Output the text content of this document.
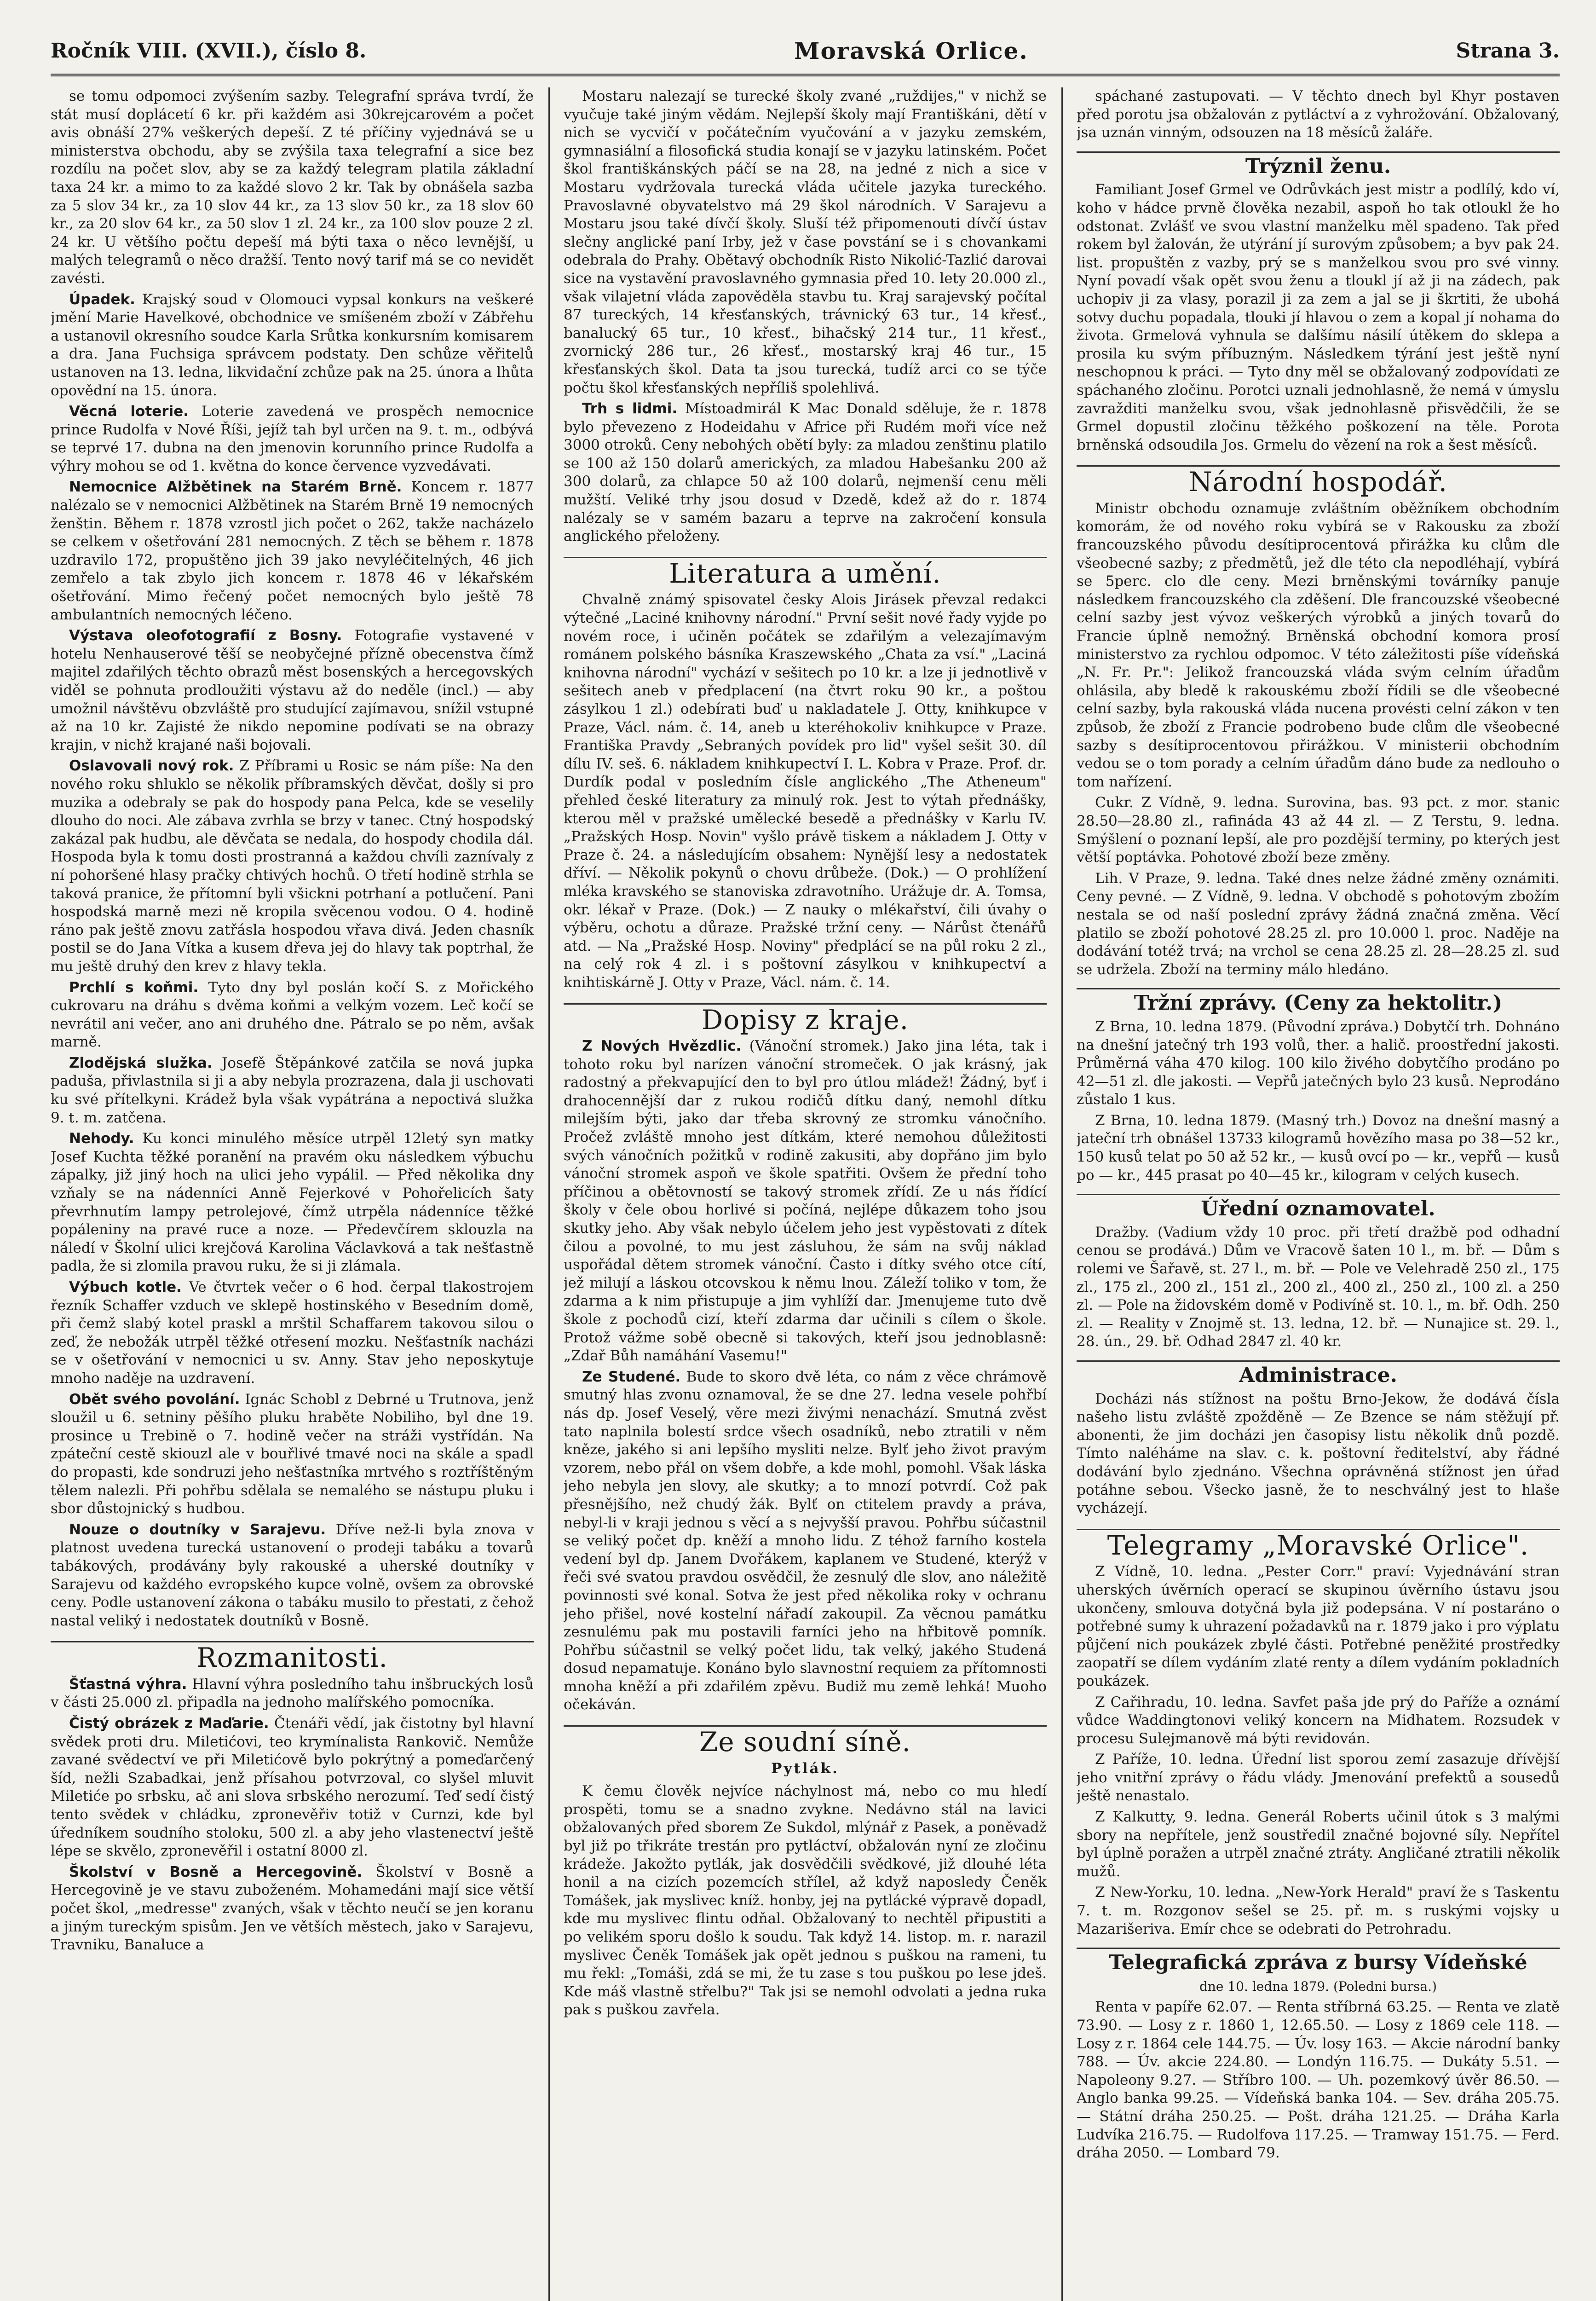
Ročník VIII. (XVII.), číslo 8.	Moravská Orlice.	Strana 3.

se tomu odpomoci zvýšením sazby. Telegrafní správa tvrdí, že stát musí doplácetí 6 kr. při každém asi 30krejcarovém a počet avis obnáší 27% veškerých depeší. Z té příčiny vyjednává se u ministerstva obchodu, aby se zvýšila taxa telegrafní a sice bez rozdílu na počet slov, aby se za každý telegram platila základní taxa 24 kr. a mimo to za každé slovo 2 kr. Tak by obnášela sazba za 5 slov 34 kr., za 10 slov 44 kr., za 13 slov 50 kr., za 18 slov 60 kr., za 20 slov 64 kr., za 50 slov 1 zl. 24 kr., za 100 slov pouze 2 zl. 24 kr. U většího počtu depeší má býti taxa o něco levnější, u malých telegramů o něco dražší. Tento nový tarif má se co nevidět zavésti.

Úpadek. Krajský soud v Olomouci vypsal konkurs na veškeré jmění Marie Havelkové, obchodnice ve smíšeném zboží v Zábřehu a ustanovil okresního soudce Karla Srůtka konkursním komisarem a dra. Jana Fuchsiga správcem podstaty. Den schůze věřitelů ustanoven na 13. ledna, likvidační zchůze pak na 25. února a lhůta opovědní na 15. února.

Věcná loterie. Loterie zavedená ve prospěch nemocnice prince Rudolfa v Nové Říši, jejíž tah byl určen na 9. t. m., odbývá se teprvé 17. dubna na den jmenovin korunního prince Rudolfa a výhry mohou se od 1. května do konce července vyzvedávati.

Nemocnice Alžbětinek na Starém Brně. Koncem r. 1877 nalézalo se v nemocnici Alžbětinek na Starém Brně 19 nemocných ženštin. Během r. 1878 vzrostl jich počet o 262, takže nacházelo se celkem v ošetřování 281 nemocných. Z těch se během r. 1878 uzdravilo 172, propuštěno jich 39 jako nevyléčitelných, 46 jich zemřelo a tak zbylo jich koncem r. 1878 46 v lékařském ošetřování. Mimo řečený počet nemocných bylo ještě 78 ambulantních nemocných léčeno.

Výstava oleofotografií z Bosny. Fotografie vystavené v hotelu Nenhauserové těší se neobyčejné přízně obecenstva čímž majitel zdařilých těchto obrazů měst bosenských a hercegovských viděl se pohnuta prodloužiti výstavu až do neděle (incl.) — aby umožnil návštěvu obzvláště pro studující zajímavou, snížil vstupné až na 10 kr. Zajisté že nikdo nepomine podívati se na obrazy krajin, v nichž krajané naši bojovali.

Oslavovali nový rok. Z Příbrami u Rosic se nám píše: Na den nového roku shluklo se několik příbramských děvčat, došly si pro muzika a odebraly se pak do hospody pana Pelca, kde se veselily dlouho do noci. Ale zábava zvrhla se brzy v tanec. Ctný hospodský zakázal pak hudbu, ale děvčata se nedala, do hospody chodila dál. Hospoda byla k tomu dosti prostranná a každou chvíli zaznívaly z ní pohoršené hlasy pračky chtivých hochů. O třetí hodině strhla se taková pranice, že přítomní byli všickni potrhaní a potlučení. Pani hospodská marně mezi ně kropila svěcenou vodou. O 4. hodině ráno pak ještě znovu zatřásla hospodou vřava divá. Jeden chasník postil se do Jana Vítka a kusem dřeva jej do hlavy tak poptrhal, že mu ještě druhý den krev z hlavy tekla.

Prchlí s koňmi. Tyto dny byl poslán kočí S. z Mořického cukrovaru na dráhu s dvěma koňmi a velkým vozem. Leč kočí se nevrátil ani večer, ano ani druhého dne. Pátralo se po něm, avšak marně.

Zlodějská služka. Josefě Štěpánkové zatčila se nová jupka paduša, přivlastnila si ji a aby nebyla prozrazena, dala ji uschovati ku své přítelkyni. Krádež byla však vypátrána a nepoctivá služka 9. t. m. zatčena.

Nehody. Ku konci minulého měsíce utrpěl 12letý syn matky Josef Kuchta těžké poranění na pravém oku následkem výbuchu zápalky, již jiný hoch na ulici jeho vypálil. — Před několika dny vzňaly se na nádenníci Anně Fejerkové v Pohořelicích šaty převrhnutím lampy petrolejové, čímž utrpěla nádenníce těžké popáleniny na pravé ruce a noze. — Předevčírem sklouzla na náledí v Školní ulici krejčová Karolina Václavková a tak nešťastně padla, že si zlomila pravou ruku, že si ji zlámala.

Výbuch kotle. Ve čtvrtek večer o 6 hod. čerpal tlakostrojem řezník Schaffer vzduch ve sklepě hostinského v Besedním domě, při čemž slabý kotel praskl a mrštil Schaffarem takovou silou o zeď, že nebožák utrpěl těžké otřesení mozku. Nešťastník nacházi se v ošetřování v nemocnici u sv. Anny. Stav jeho neposkytuje mnoho naděje na uzdravení.

Obět svého povolání. Ignác Schobl z Debrné u Trutnova, jenž sloužil u 6. setniny pěšího pluku hraběte Nobiliho, byl dne 19. prosince u Trebině o 7. hodině večer na stráži vystřídán. Na zpáteční cestě skiouzl ale v bouřlivé tmavé noci na skále a spadl do propasti, kde sondruzi jeho nešťastníka mrtvého s roztříštěným tělem nalezli. Při pohřbu sdělala se nemalého se nástupu pluku i sbor důstojnický s hudbou.

Nouze o doutníky v Sarajevu. Dříve než-li byla znova v platnost uvedena turecká ustanovení o prodeji tabáku a tovarů tabákových, prodávány byly rakouské a uherské doutníky v Sarajevu od každého evropského kupce volně, ovšem za obrovské ceny. Podle ustanovení zákona o tabáku musilo to přestati, z čehož nastal veliký i nedostatek doutníků v Bosně.

Rozmanitosti.

Šťastná výhra. Hlavní výhra posledního tahu inšbruckých losů v části 25.000 zl. připadla na jednoho malířského pomocníka.

Čistý obrázek z Maďarie. Čtenáři vědí, jak čistotny byl hlavní svědek proti dru. Miletićovi, teo krymínalista Rankovič. Nemůže zavané svědectví ve při Miletićově bylo pokrýtný a pomeďarčený šíd, nežli Szabadkai, jenž přísahou potvrzoval, co slyšel mluvit Miletiće po srbsku, ač ani slova srbského nerozumí. Teď sedí čistý tento svědek v chládku, zpronevěřiv totiž v Curnzi, kde byl úředníkem soudního stoloku, 500 zl. a aby jeho vlastenectví ještě lépe se skvělo, zpronevěřil i ostatní 8000 zl.

Školství v Bosně a Hercegovině. Školství v Bosně a Hercegovině je ve stavu zuboženém. Mohamedáni mají sice větší počet škol, „medresse" zvaných, však v těchto neučí se jen koranu a jiným tureckým spisům. Jen ve větších městech, jako v Sarajevu, Travniku, Banaluce a

Mostaru nalezají se turecké školy zvané „ruždijes," v nichž se vyučuje také jiným vědám. Nejlepší školy mají Františkáni, dětí v nich se vycvičí v počátečním vyučování a v jazyku zemském, gymnasiální a filosofická studia konají se v jazyku latinském. Počet škol františkánských páčí se na 28, na jedné z nich a sice v Mostaru vydržovala turecká vláda učitele jazyka tureckého. Pravoslavné obyvatelstvo má 29 škol národních. V Sarajevu a Mostaru jsou také dívčí školy. Sluší též připomenouti dívčí ústav slečny anglické paní Irby, jež v čase povstání se i s chovankami odebrala do Prahy. Obětavý obchodník Risto Nikolić-Tazlić darovai sice na vystavění pravoslavného gymnasia před 10. lety 20.000 zl., však vilajetní vláda zapověděla stavbu tu. Kraj sarajevský počítal 87 tureckých, 14 křesťanských, trávnický 63 tur., 14 křesť., banalucký 65 tur., 10 křesť., bihačský 214 tur., 11 křesť., zvornický 286 tur., 26 křesť., mostarský kraj 46 tur., 15 křesťanských škol. Data ta jsou turecká, tudíž arci co se týče počtu škol křesťanských nepříliš spolehlivá.

Trh s lidmi. Místoadmirál K Mac Donald sděluje, že r. 1878 bylo převezeno z Hodeidahu v Africe při Rudém moři více než 3000 otroků. Ceny nebohých obětí byly: za mladou zenštinu platilo se 100 až 150 dolarů amerických, za mladou Habešanku 200 až 300 dolarů, za chlapce 50 až 100 dolarů, nejmenší cenu měli mužští. Veliké trhy jsou dosud v Dzedě, kdež až do r. 1874 nalézaly se v samém bazaru a teprve na zakročení konsula anglického přeloženy.

Literatura a umění.

Chvalně známý spisovatel česky Alois Jirásek převzal redakci výtečné „Laciné knihovny národní." První sešit nové řady vyjde po novém roce, i učiněn počátek se zdařilým a velezajímavým románem polského básníka Kraszewského „Chata za vsí." „Laciná knihovna národní" vychází v sešitech po 10 kr. a lze ji jednotlivě v sešitech aneb v předplacení (na čtvrt roku 90 kr., a poštou zásylkou 1 zl.) odebírati buď u nakladatele J. Otty, knihkupce v Praze, Václ. nám. č. 14, aneb u kteréhokoliv knihkupce v Praze. Františka Pravdy „Sebraných povídek pro lid" vyšel sešit 30. díl dílu IV. seš. 6. nákladem knihkupectví I. L. Kobra v Praze. Prof. dr. Durdík podal v posledním čísle anglického „The Atheneum" přehled české literatury za minulý rok. Jest to výtah přednášky, kterou měl v pražské umělecké besedě a přednášky v Karlu IV. „Pražských Hosp. Novin" vyšlo právě tiskem a nákladem J. Otty v Praze č. 24. a následujícím obsahem: Nynější lesy a nedostatek dříví. — Několik pokynů o chovu drůbeže. (Dok.) — O prohlížení mléka kravského se stanoviska zdravotního. Urážuje dr. A. Tomsa, okr. lékař v Praze. (Dok.) — Z nauky o mlékařství, čili úvahy o výběru, ochotu a důraze. Pražské tržní ceny. — Nárůst čtenářů atd. — Na „Pražské Hosp. Noviny" předplácí se na půl roku 2 zl., na celý rok 4 zl. i s poštovní zásylkou v knihkupectví a knihtiskárně J. Otty v Praze, Václ. nám. č. 14.

Dopisy z kraje.

Z Nových Hvězdlic. (Vánoční stromek.) Jako jina léta, tak i tohoto roku byl narízen vánoční stromeček. O jak krásný, jak radostný a překvapující den to byl pro útlou mládež! Žádný, byť i drahocennější dar z rukou rodičů dítku daný, nemohl dítku milejším býti, jako dar třeba skrovný ze stromku vánočního. Pročež zvláště mnoho jest dítkám, které nemohou důležitosti svých vánočních požitků v rodině zakusiti, aby dopřáno jim bylo vánoční stromek aspoň ve škole spatřiti. Ovšem že přední toho příčinou a obětovností se takový stromek zřídí. Ze u nás řídící školy v čele obou horlivé si počíná, nejlépe důkazem toho jsou skutky jeho. Aby však nebylo účelem jeho jest vypěstovati z dítek čilou a povolné, to mu jest zásluhou, že sám na svůj náklad uspořádal dětem stromek vánoční. Často i dítky svého otce cítí, jež milují a láskou otcovskou k němu lnou. Záleží toliko v tom, že zdarma a k nim přistupuje a jim vyhlíží dar. Jmenujeme tuto dvě škole z pochodů cizí, kteří zdarma dar učinili s cílem o škole. Protož vážme sobě obecně si takových, kteří jsou jednoblasně: „Zdař Bůh namáhání Vasemu!"

Ze Studené. Bude to skoro dvě léta, co nám z věce chrámově smutný hlas zvonu oznamoval, že se dne 27. ledna vesele pohřbí nás dp. Josef Veselý, věre mezi živými nenachází. Smutná zvěst tato naplnila bolestí srdce všech osadníků, nebo ztratili v něm kněze, jakého si ani lepšího mysliti nelze. Bylť jeho život pravým vzorem, nebo přál on všem dobře, a kde mohl, pomohl. Však láska jeho nebyla jen slovy, ale skutky; a to mnozí potvrdí. Což pak přesnějšího, než chudý žák. Bylť on ctitelem pravdy a práva, nebyl-li v kraji jednou s věcí a s nejvyšší pravou. Pohřbu súčastnil se veliký počet dp. kněží a mnoho lidu. Z téhož farního kostela vedení byl dp. Janem Dvořákem, kaplanem ve Studené, kterýž v řeči své svatou pravdou osvědčil, že zesnulý dle slov, ano náležitě povinnosti své konal. Sotva že jest před několika roky v ochranu jeho přišel, nové kostelní nářadí zakoupil. Za věcnou památku zesnulému pak mu postavili farníci jeho na hřbitově pomník. Pohřbu súčastnil se velký počet lidu, tak velký, jakého Studená dosud nepamatuje. Konáno bylo slavnostní requiem za přítomnosti mnoha kněží a při zdařilém zpěvu. Budiž mu země lehká! Muoho očekáván.

Ze soudní síně.
Pytlák.

K čemu člověk nejvíce náchylnost má, nebo co mu hledí prospěti, tomu se a snadno zvykne. Nedávno stál na lavici obžalovaných před sborem Ze Sukdol, mlýnář z Pasek, a poněvadž byl již po třikráte trestán pro pytláctví, obžalován nyní ze zločinu krádeže. Jakožto pytlák, jak dosvědčili svědkové, již dlouhé léta honil a na cizích pozemcích střílel, až když naposledy Čeněk Tomášek, jak myslivec kníž. honby, jej na pytlácké výpravě dopadl, kde mu myslivec flintu odňal. Obžalovaný to nechtěl připustiti a po velikém sporu došlo k soudu. Tak když 14. listop. m. r. narazil myslivec Čeněk Tomášek jak opět jednou s puškou na rameni, tu mu řekl: „Tomáši, zdá se mi, že tu zase s tou puškou po lese jdeš. Kde máš vlastně střelbu?" Tak jsi se nemohl odvolati a jedna ruka pak s puškou zavřela.

spáchané zastupovati. — V těchto dnech byl Khyr postaven před porotu jsa obžalován z pytláctví a z vyhrožování. Obžalovaný, jsa uznán vinným, odsouzen na 18 měsíců žaláře.

Trýznil ženu.

Familiant Josef Grmel ve Odrůvkách jest mistr a podlílý, kdo ví, koho v hádce prvně člověka nezabil, aspoň ho tak otloukl že ho odstonat. Zvlášť ve svou vlastní manželku měl spadeno. Tak před rokem byl žalován, že utýrání jí surovým způsobem; a byv pak 24. list. propuštěn z vazby, prý se s manželkou svou pro své vinny. Nyní povadí však opět svou ženu a tloukl jí až ji na zádech, pak uchopiv ji za vlasy, porazil ji za zem a jal se ji škrtiti, že ubohá sotvy duchu popadala, tlouki jí hlavou o zem a kopal jí nohama do života. Grmelová vyhnula se dalšímu násilí útěkem do sklepa a prosila ku svým příbuzným. Následkem týrání jest ještě nyní neschopnou k práci. — Tyto dny měl se obžalovaný zodpovídati ze spáchaného zločinu. Porotci uznali jednohlasně, že nemá v úmyslu zavražditi manželku svou, však jednohlasně přisvědčili, že se Grmel dopustil zločinu těžkého poškození na těle. Porota brněnská odsoudila Jos. Grmelu do vězení na rok a šest měsíců.

Národní hospodář.

Ministr obchodu oznamuje zvláštním oběžníkem obchodním komorám, že od nového roku vybírá se v Rakousku za zboží francouzského původu desítiprocentová přirážka ku clům dle všeobecné sazby; z předmětů, jež dle této cla nepodléhají, vybírá se 5perc. clo dle ceny. Mezi brněnskými továrníky panuje následkem francouzského cla zděšení. Dle francouzské všeobecné celní sazby jest vývoz veškerých výrobků a jiných tovarů do Francie úplně nemožný. Brněnská obchodní komora prosí ministerstvo za rychlou odpomoc. V této záležitosti píše vídeňská „N. Fr. Pr.": Jelikož francouzská vláda svým celním úřadům ohlásila, aby bledě k rakouskému zboží řídili se dle všeobecné celní sazby, byla rakouská vláda nucena provésti celní zákon v ten způsob, že zboží z Francie podrobeno bude clům dle všeobecné sazby s desítiprocentovou přirážkou. V ministerii obchodním vedou se o tom porady a celním úřadům dáno bude za nedlouho o tom nařízení.

Cukr. Z Vídně, 9. ledna. Surovina, bas. 93 pct. z mor. stanic 28.50—28.80 zl., rafináda 43 až 44 zl. — Z Terstu, 9. ledna. Smýšlení o poznaní lepší, ale pro pozdější terminy, po kterých jest větší poptávka. Pohotové zboží beze změny.

Lih. V Praze, 9. ledna. Také dnes nelze žádné změny oznámiti. Ceny pevné. — Z Vídně, 9. ledna. V obchodě s pohotovým zbožím nestala se od naší poslední zprávy žádná značná změna. Věcí platilo se zboží pohotové 28.25 zl. pro 10.000 l. proc. Naděje na dodávání totéž trvá; na vrchol se cena 28.25 zl. 28—28.25 zl. sud se udržela. Zboží na terminy málo hledáno.

Tržní zprávy. (Ceny za hektolitr.)

Z Brna, 10. ledna 1879. (Původní zpráva.) Dobytčí trh. Dohnáno na dnešní jatečný trh 193 volů, ther. a halič. proostřední jakosti. Průměrná váha 470 kilog. 100 kilo živého dobytčího prodáno po 42—51 zl. dle jakosti. — Vepřů jatečných bylo 23 kusů. Neprodáno zůstalo 1 kus.

Z Brna, 10. ledna 1879. (Masný trh.) Dovoz na dnešní masný a jateční trh obnášel 13733 kilogramů hovězího masa po 38—52 kr., 150 kusů telat po 50 až 52 kr., — kusů ovcí po — kr., vepřů — kusů po — kr., 445 prasat po 40—45 kr., kilogram v celých kusech.

Úřední oznamovatel.

Dražby. (Vadium vždy 10 proc. při třetí dražbě pod odhadní cenou se prodává.) Dům ve Vracově šaten 10 l., m. bř. — Dům s rolemi ve Šařavě, st. 27 l., m. bř. — Pole ve Velehradě 250 zl., 175 zl., 175 zl., 200 zl., 151 zl., 200 zl., 400 zl., 250 zl., 100 zl. a 250 zl. — Pole na židovském domě v Podivíně st. 10. l., m. bř. Odh. 250 zl. — Reality v Znojmě st. 13. ledna, 12. bř. — Nunajice st. 29. l., 28. ún., 29. bř. Odhad 2847 zl. 40 kr.

Administrace.

Docházi nás stížnost na poštu Brno-Jekow, že dodává čísla našeho listu zvláště zpožděně — Ze Bzence se nám stěžují př. abonenti, že jim docházi jen časopisy listu několik dnů pozdě. Tímto naléháme na slav. c. k. poštovní ředitelství, aby řádné dodávání bylo zjednáno. Všechna oprávněná stížnost jen úřad potáhne sebou. Všecko jasně, že to neschválný jest to hlaše vycházejí.

Telegramy „Moravské Orlice".

Z Vídně, 10. ledna. „Pester Corr." praví: Vyjednávání stran uherských úvěrních operací se skupinou úvěrního ústavu jsou ukončeny, smlouva dotyčná byla již podepsána. V ní postaráno o potřebné sumy k uhrazení požadavků na r. 1879 jako i pro výplatu půjčení nich poukázek zbylé části. Potřebné peněžité prostředky zaopatří se dílem vydáním zlaté renty a dílem vydáním pokladních poukázek.

Z Cařihradu, 10. ledna. Savfet paša jde prý do Paříže a oznámí vůdce Waddingtonovi veliký koncern na Midhatem. Rozsudek v procesu Sulejmanově má býti revidován.

Z Paříže, 10. ledna. Úřední list sporou zemí zasazuje dřívější jeho vnitřní zprávy o řádu vlády. Jmenování prefektů a sousedů ještě nenastalo.

Z Kalkutty, 9. ledna. Generál Roberts učinil útok s 3 malými sbory na nepřítele, jenž soustředil značné bojovné síly. Nepřítel byl úplně poražen a utrpěl značné ztráty. Angličané ztratili několik mužů.

Z New-Yorku, 10. ledna. „New-York Herald" praví že s Taskentu 7. t. m. Rozgonov sešel se 25. př. m. s ruskými vojsky u Mazarišeriva. Emír chce se odebrati do Petrohradu.

Telegrafická zpráva z bursy Vídeňské
dne 10. ledna 1879. (Poledni bursa.)

Renta v papíře 62.07. — Renta stříbrná 63.25. — Renta ve zlatě 73.90. — Losy z r. 1860 1, 12.65.50. — Losy z 1869 cele 118. — Losy z r. 1864 cele 144.75. — Úv. losy 163. — Akcie národní banky 788. — Úv. akcie 224.80. — Londýn 116.75. — Dukáty 5.51. — Napoleony 9.27. — Stříbro 100. — Uh. pozemkový úvěr 86.50. — Anglo banka 99.25. — Vídeňská banka 104. — Sev. dráha 205.75. — Státní dráha 250.25. — Pošt. dráha 121.25. — Dráha Karla Ludvíka 216.75. — Rudolfova 117.25. — Tramway 151.75. — Ferd. dráha 2050. — Lombard 79.
